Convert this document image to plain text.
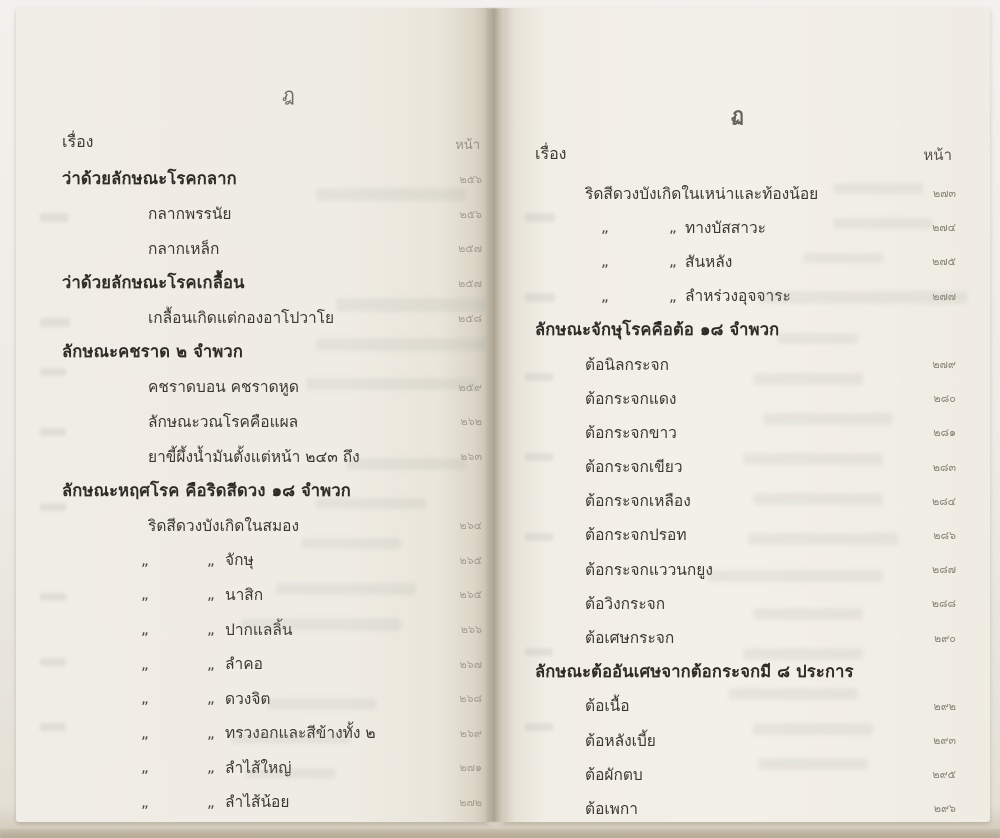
ฎ
เรื่อง	หน้า
ว่าด้วยลักษณะโรคกลาก	๒๕๖
กลากพรรนัย	๒๕๖
กลากเหล็ก	๒๕๗
ว่าด้วยลักษณะโรคเกลื้อน	๒๕๗
เกลื้อนเกิดแต่กองอาโปวาโย	๒๕๘
ลักษณะคชราด ๒ จำพวก
คชราดบอน คชราดหูด	๒๕๙
ลักษณะวณโรคคือแผล	๒๖๒
ยาขี้ผึ้งน้ำมันตั้งแต่หน้า ๒๔๓ ถึง	๒๖๓
ลักษณะหฤศโรค คือริดสีดวง ๑๘ จำพวก
ริดสีดวงบังเกิดในสมอง	๒๖๔
„	„ จักษุ	๒๖๕
„	„ นาสิก	๒๖๕
„	„ ปากแลลิ้น	๒๖๖
„	„ ลำคอ	๒๖๗
„	„ ดวงจิต	๒๖๘
„	„ ทรวงอกและสีข้างทั้ง ๒	๒๖๙
„	„ ลำไส้ใหญ่	๒๗๑
„	„ ลำไส้น้อย	๒๗๒
ฏ
เรื่อง	หน้า
ริดสีดวงบังเกิดในเหน่าและท้องน้อย	๒๗๓
„	„ ทางบัสสาวะ	๒๗๔
„	„ สันหลัง	๒๗๕
„	„ ลำหร่วงอุจจาระ	๒๗๗
ลักษณะจักษุโรคคือต้อ ๑๘ จำพวก
ต้อนิลกระจก	๒๗๙
ต้อกระจกแดง	๒๘๐
ต้อกระจกขาว	๒๘๑
ต้อกระจกเขียว	๒๘๓
ต้อกระจกเหลือง	๒๘๔
ต้อกระจกปรอท	๒๘๖
ต้อกระจกแววนกยูง	๒๘๗
ต้อวิงกระจก	๒๘๘
ต้อเศษกระจก	๒๙๐
ลักษณะต้ออันเศษจากต้อกระจกมี ๘ ประการ
ต้อเนื้อ	๒๙๒
ต้อหลังเบี้ย	๒๙๓
ต้อผักตบ	๒๙๕
ต้อเพกา	๒๙๖
